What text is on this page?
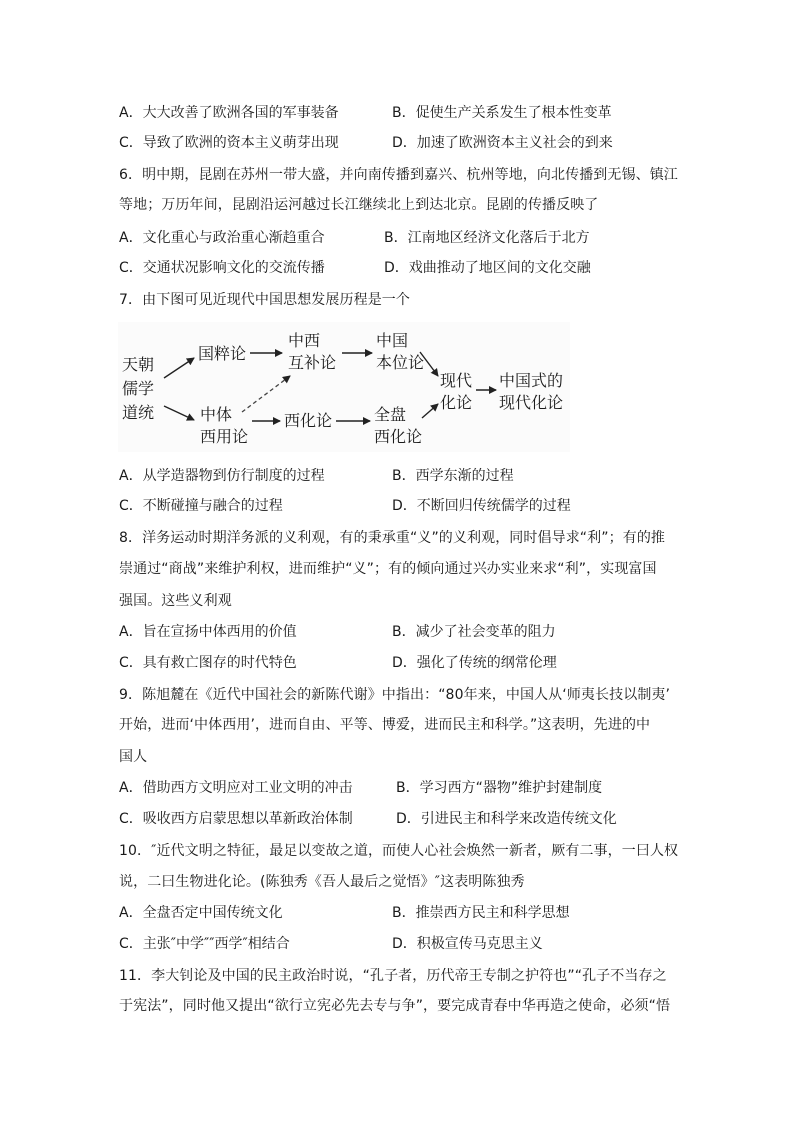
A．大大改善了欧洲各国的军事装备	B．促使生产关系发生了根本性变革
C．导致了欧洲的资本主义萌芽出现	D．加速了欧洲资本主义社会的到来
6．明中期，昆剧在苏州一带大盛，并向南传播到嘉兴、杭州等地，向北传播到无锡、镇江
等地；万历年间，昆剧沿运河越过长江继续北上到达北京。昆剧的传播反映了
A．文化重心与政治重心渐趋重合	B．江南地区经济文化落后于北方
C．交通状况影响文化的交流传播	D．戏曲推动了地区间的文化交融
7．由下图可见近现代中国思想发展历程是一个
天朝
儒学
道统
国粹论
中体
西用论
中西
互补论
西化论
中国
本位论
全盘
西化论
现代
化论
中国式的
现代化论
A．从学造器物到仿行制度的过程	B．西学东渐的过程
C．不断碰撞与融合的过程	D．不断回归传统儒学的过程
8．洋务运动时期洋务派的义利观，有的秉承重“义”的义利观，同时倡导求“利”；有的推
崇通过“商战”来维护利权，进而维护“义”；有的倾向通过兴办实业来求“利”，实现富国
强国。这些义利观
A．旨在宣扬中体西用的价值	B．减少了社会变革的阻力
C．具有救亡图存的时代特色	D．强化了传统的纲常伦理
9．陈旭麓在《近代中国社会的新陈代谢》中指出：“80年来，中国人从‘师夷长技以制夷’
开始，进而‘中体西用’，进而自由、平等、博爱，进而民主和科学。”这表明，先进的中
国人
A．借助西方文明应对工业文明的冲击	B．学习西方“器物”维护封建制度
C．吸收西方启蒙思想以革新政治体制	D．引进民主和科学来改造传统文化
10．″近代文明之特征，最足以变故之道，而使人心社会焕然一新者，厥有二事，一曰人权
说，二曰生物进化论。(陈独秀《吾人最后之觉悟》″这表明陈独秀
A．全盘否定中国传统文化	B．推崇西方民主和科学思想
C．主张″中学″″西学″相结合	D．积极宣传马克思主义
11．李大钊论及中国的民主政治时说，“孔子者，历代帝王专制之护符也”“孔子不当存之
于宪法”，同时他又提出“欲行立宪必先去专与争”，要完成青春中华再造之使命，必须“悟
